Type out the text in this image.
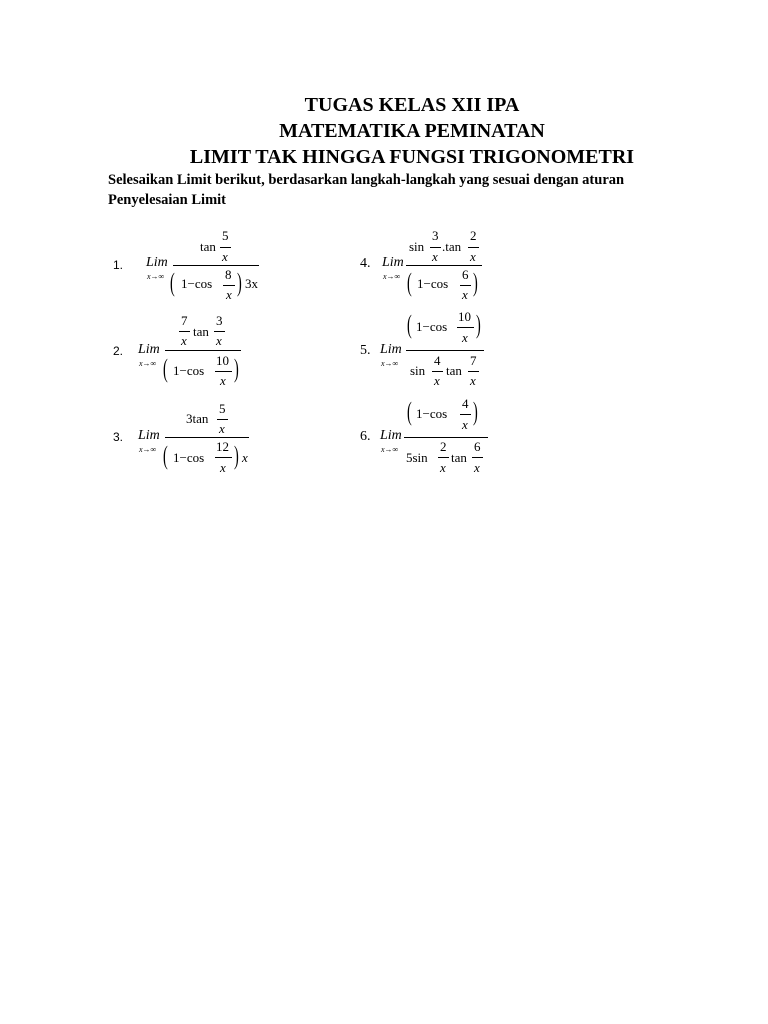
TUGAS KELAS XII IPA
MATEMATIKA PEMINATAN
LIMIT TAK HINGGA FUNGSI TRIGONOMETRI
Selesaikan Limit berikut, berdasarkan langkah-langkah yang sesuai dengan aturan Penyelesaian Limit
1. Lim
x→∞
tan
5
x
( 1−cos
8
x ) 3x
2. Lim
x→∞
7
x
tan
3
x
( 1−cos
10
x )
3. Lim
x→∞
3tan
5
x
( 1−cos
12
x ) x
4. Lim
x→∞
sin
3
x
.tan
2
x
( 1−cos
6
x )
5. Lim
x→∞
( 1−cos
10
x )
sin
4
x
tan
7
x
6. Lim
x→∞
( 1−cos
4
x )
5sin
2
x
tan
6
x
